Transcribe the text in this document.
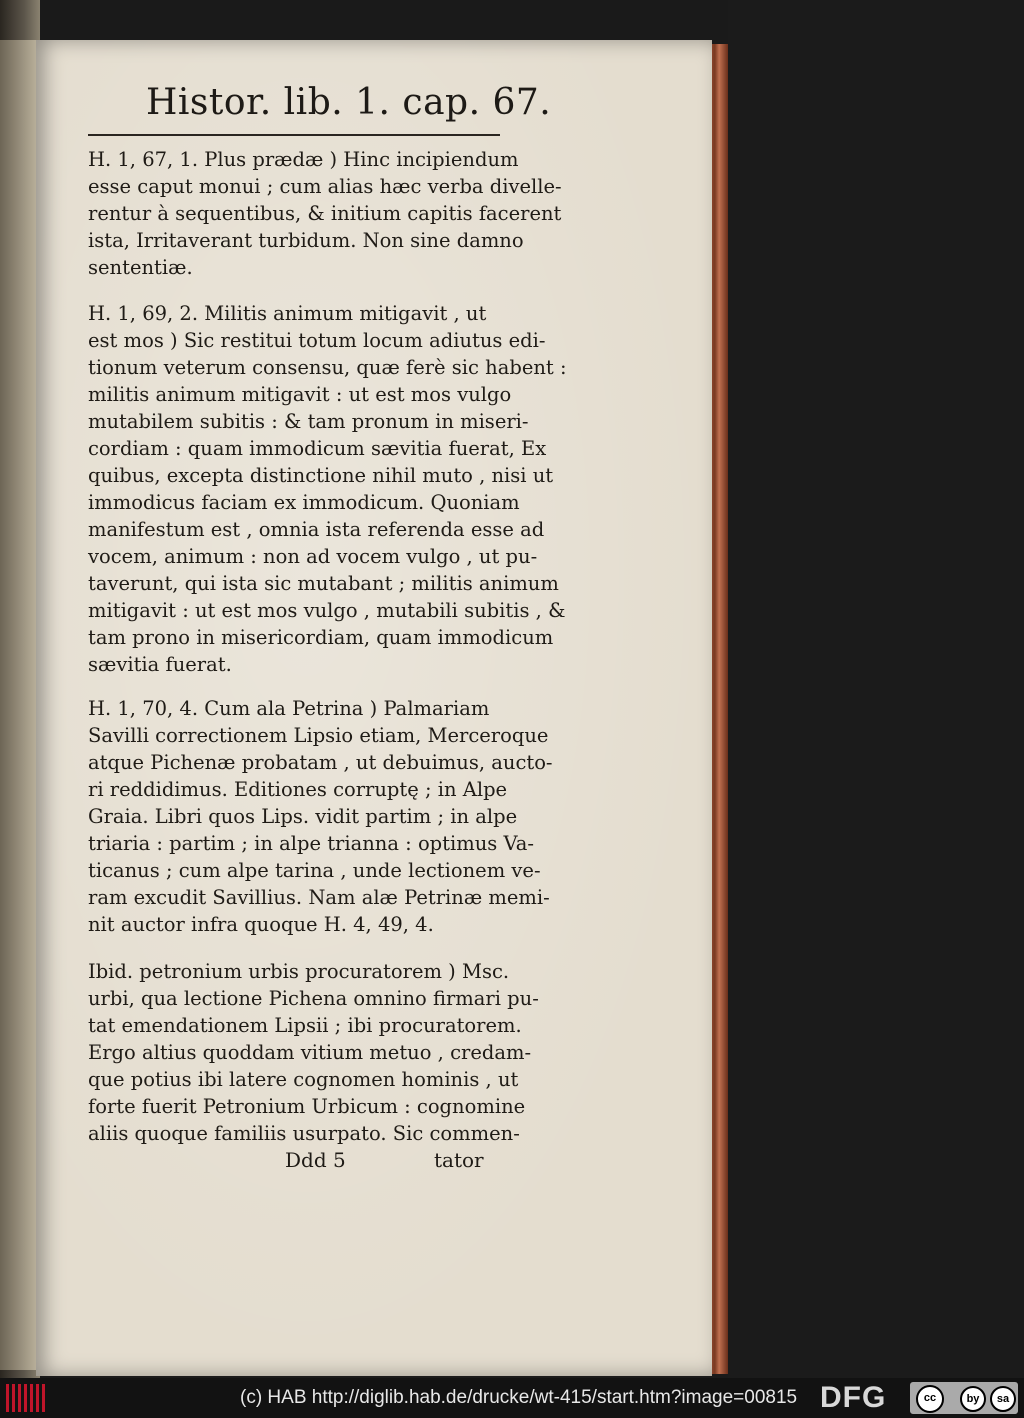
Histor. lib. 1. cap. 67.
H. 1, 67, 1. Plus prædæ ) Hinc incipiendum
esse caput monui ; cum alias hæc verba divelle-
rentur à sequentibus, & initium capitis facerent
ista, Irritaverant turbidum. Non sine damno
sententiæ.
H. 1, 69, 2. Militis animum mitigavit , ut
est mos ) Sic restitui totum locum adiutus edi-
tionum veterum consensu, quæ ferè sic habent :
militis animum mitigavit : ut est mos vulgo
mutabilem subitis : & tam pronum in miseri-
cordiam : quam immodicum sævitia fuerat, Ex
quibus, excepta distinctione nihil muto , nisi ut
immodicus faciam ex immodicum. Quoniam
manifestum est , omnia ista referenda esse ad
vocem, animum : non ad vocem vulgo , ut pu-
taverunt, qui ista sic mutabant ; militis animum
mitigavit : ut est mos vulgo , mutabili subitis , &
tam prono in misericordiam, quam immodicum
sævitia fuerat.
H. 1, 70, 4. Cum ala Petrina ) Palmariam
Savilli correctionem Lipsio etiam, Merceroque
atque Pichenæ probatam , ut debuimus, aucto-
ri reddidimus. Editiones corruptę ; in Alpe
Graia. Libri quos Lips. vidit partim ; in alpe
triaria : partim ; in alpe trianna : optimus Va-
ticanus ; cum alpe tarina , unde lectionem ve-
ram excudit Savillius. Nam alæ Petrinæ memi-
nit auctor infra quoque H. 4, 49, 4.
Ibid. petronium urbis procuratorem ) Msc.
urbi, qua lectione Pichena omnino firmari pu-
tat emendationem Lipsii ; ibi procuratorem.
Ergo altius quoddam vitium metuo , credam-
que potius ibi latere cognomen hominis , ut
forte fuerit Petronium Urbicum : cognomine
aliis quoque familiis usurpato. Sic commen-
Ddd 5	tator
(c) HAB http://diglib.hab.de/drucke/wt-415/start.htm?image=00815 DFG	cc	by	sa
